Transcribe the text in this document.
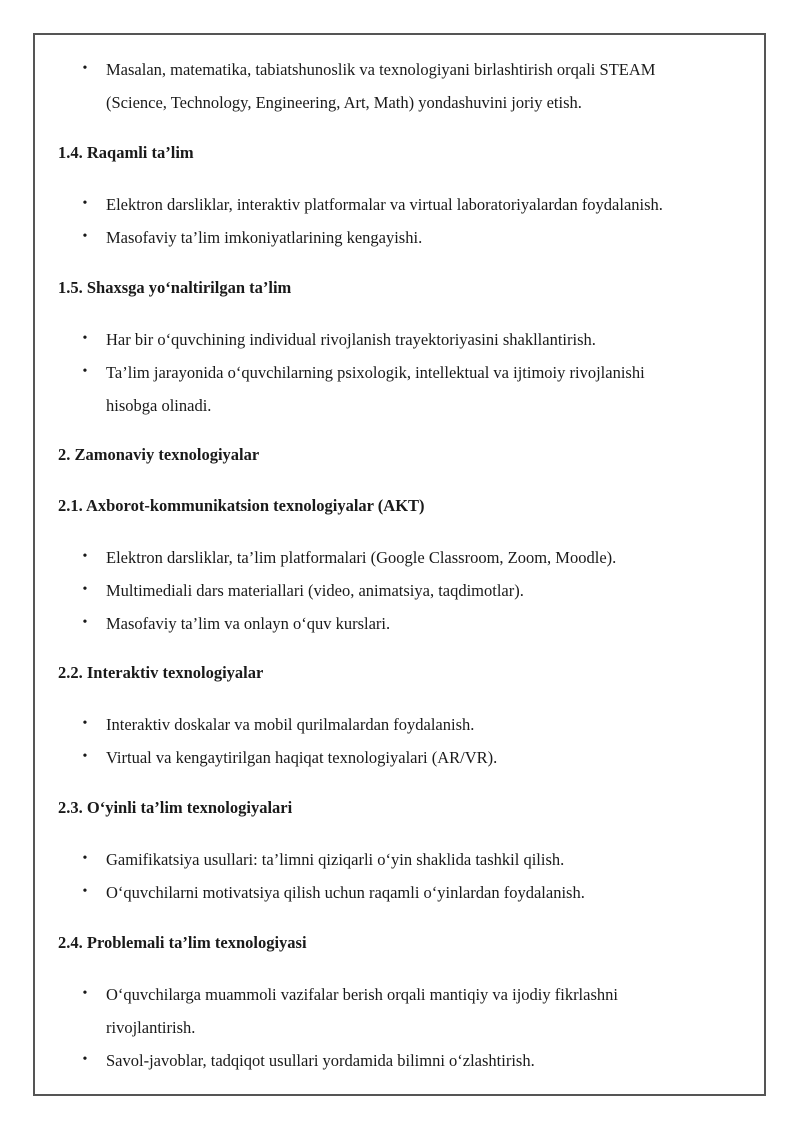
• Masalan, matematika, tabiatshunoslik va texnologiyani birlashtirish orqali STEAM
(Science, Technology, Engineering, Art, Math) yondashuvini joriy etish.
1.4. Raqamli ta’lim
• Elektron darsliklar, interaktiv platformalar va virtual laboratoriyalardan foydalanish.
• Masofaviy ta’lim imkoniyatlarining kengayishi.
1.5. Shaxsga yo‘naltirilgan ta’lim
• Har bir o‘quvchining individual rivojlanish trayektoriyasini shakllantirish.
• Ta’lim jarayonida o‘quvchilarning psixologik, intellektual va ijtimoiy rivojlanishi
hisobga olinadi.
2. Zamonaviy texnologiyalar
2.1. Axborot-kommunikatsion texnologiyalar (AKT)
• Elektron darsliklar, ta’lim platformalari (Google Classroom, Zoom, Moodle).
• Multimediali dars materiallari (video, animatsiya, taqdimotlar).
• Masofaviy ta’lim va onlayn o‘quv kurslari.
2.2. Interaktiv texnologiyalar
• Interaktiv doskalar va mobil qurilmalardan foydalanish.
• Virtual va kengaytirilgan haqiqat texnologiyalari (AR/VR).
2.3. O‘yinli ta’lim texnologiyalari
• Gamifikatsiya usullari: ta’limni qiziqarli o‘yin shaklida tashkil qilish.
• O‘quvchilarni motivatsiya qilish uchun raqamli o‘yinlardan foydalanish.
2.4. Problemali ta’lim texnologiyasi
• O‘quvchilarga muammoli vazifalar berish orqali mantiqiy va ijodiy fikrlashni
rivojlantirish.
• Savol-javoblar, tadqiqot usullari yordamida bilimni o‘zlashtirish.
